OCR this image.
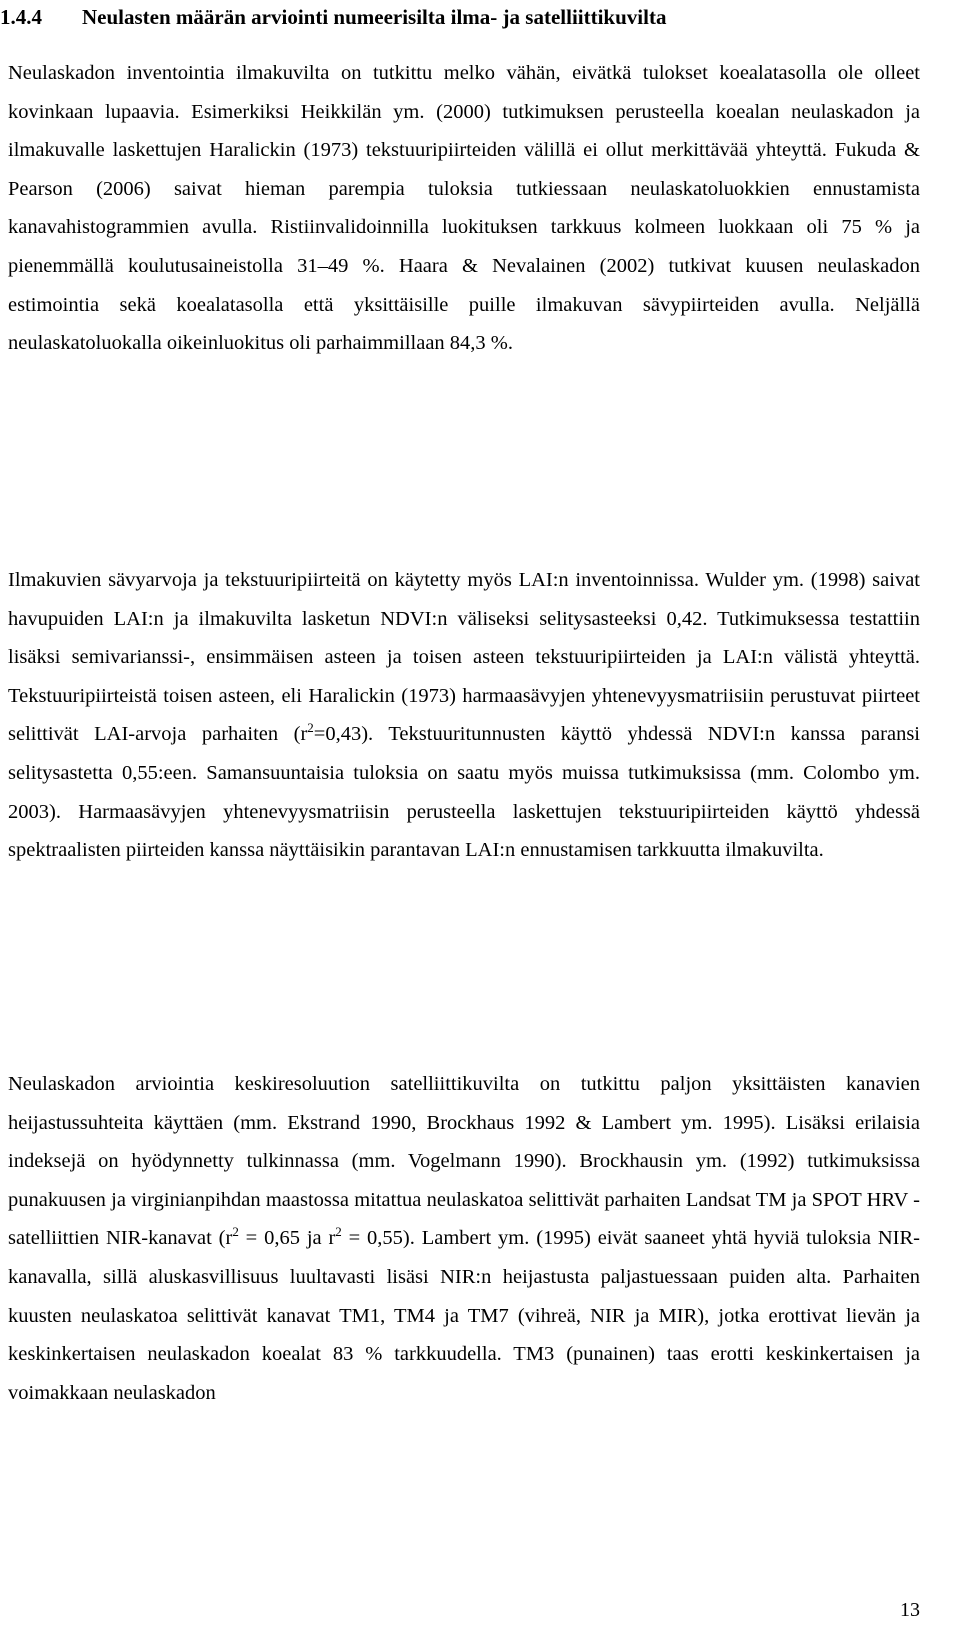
1.4.4 Neulasten määrän arviointi numeerisilta ilma- ja satelliittikuvilta

Neulaskadon inventointia ilmakuvilta on tutkittu melko vähän, eivätkä tulokset koealatasolla ole olleet kovinkaan lupaavia. Esimerkiksi Heikkilän ym. (2000) tutkimuksen perusteella koealan neulaskadon ja ilmakuvalle laskettujen Haralickin (1973) tekstuuripiirteiden välillä ei ollut merkittävää yhteyttä. Fukuda & Pearson (2006) saivat hieman parempia tuloksia tutkiessaan neulaskatoluokkien ennustamista kanavahistogrammien avulla. Ristiinvalidoinnilla luokituksen tarkkuus kolmeen luokkaan oli 75 % ja pienemmällä koulutusaineistolla 31–49 %. Haara & Nevalainen (2002) tutkivat kuusen neulaskadon estimointia sekä koealatasolla että yksittäisille puille ilmakuvan sävypiirteiden avulla. Neljällä neulaskatoluokalla oikeinluokitus oli parhaimmillaan 84,3 %.

Ilmakuvien sävyarvoja ja tekstuuripiirteitä on käytetty myös LAI:n inventoinnissa. Wulder ym. (1998) saivat havupuiden LAI:n ja ilmakuvilta lasketun NDVI:n väliseksi selitysasteeksi 0,42. Tutkimuksessa testattiin lisäksi semivarianssi-, ensimmäisen asteen ja toisen asteen tekstuuripiirteiden ja LAI:n välistä yhteyttä. Tekstuuripiirteistä toisen asteen, eli Haralickin (1973) harmaasävyjen yhtenevyysmatriisiin perustuvat piirteet selittivät LAI-arvoja parhaiten $(r^2=0,43)$. Tekstuuritunnusten käyttö yhdessä NDVI:n kanssa paransi selitysastetta 0,55:een. Samansuuntaisia tuloksia on saatu myös muissa tutkimuksissa (mm. Colombo ym. 2003). Harmaasävyjen yhtenevyysmatriisin perusteella laskettujen tekstuuripiirteiden käyttö yhdessä spektraalisten piirteiden kanssa näyttäisikin parantavan LAI:n ennustamisen tarkkuutta ilmakuvilta.

Neulaskadon arviointia keskiresoluution satelliittikuvilta on tutkittu paljon yksittäisten kanavien heijastussuhteita käyttäen (mm. Ekstrand 1990, Brockhaus 1992 & Lambert ym. 1995). Lisäksi erilaisia indeksejä on hyödynnetty tulkinnassa (mm. Vogelmann 1990). Brockhausin ym. (1992) tutkimuksissa punakuusen ja virginianpihdan maastossa mitattua neulaskatoa selittivät parhaiten Landsat TM ja SPOT HRV -satelliittien NIR-kanavat ($r^2 = 0,65$ ja $r^2 = 0,55$). Lambert ym. (1995) eivät saaneet yhtä hyviä tuloksia NIR-kanavalla, sillä aluskasvillisuus luultavasti lisäsi NIR:n heijastusta paljastuessaan puiden alta. Parhaiten kuusten neulaskatoa selittivät kanavat TM1, TM4 ja TM7 (vihreä, NIR ja MIR), jotka erottivat lievän ja keskinkertaisen neulaskadon koealat 83 % tarkkuudella. TM3 (punainen) taas erotti keskinkertaisen ja voimakkaan neulaskadon

13
